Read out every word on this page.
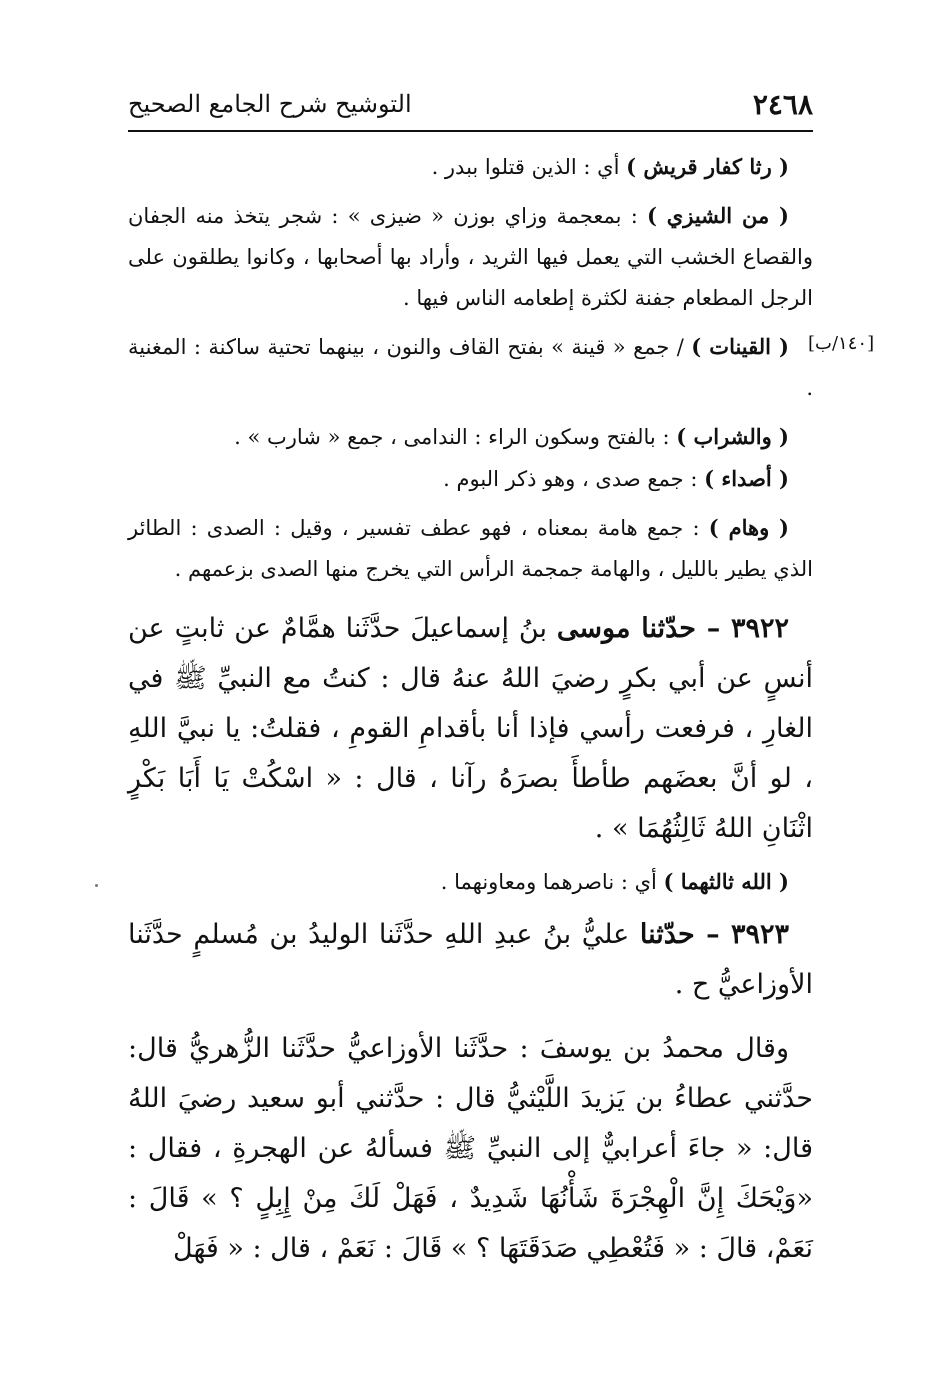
٢٤٦٨
التوشيح شرح الجامع الصحيح
[١٤٠/ب]

( رثا كفار قريش ) أي : الذين قتلوا ببدر .

( من الشيزي ) : بمعجمة وزاي بوزن « ضيزى » : شجر يتخذ منه الجفان والقصاع الخشب التي يعمل فيها الثريد ، وأراد بها أصحابها ، وكانوا يطلقون على الرجل المطعام جفنة لكثرة إطعامه الناس فيها .

( القينات ) / جمع « قينة » بفتح القاف والنون ، بينهما تحتية ساكنة : المغنية .

( والشراب ) : بالفتح وسكون الراء : الندامى ، جمع « شارب » .

( أصداء ) : جمع صدى ، وهو ذكر البوم .

( وهام ) : جمع هامة بمعناه ، فهو عطف تفسير ، وقيل : الصدى : الطائر الذي يطير بالليل ، والهامة جمجمة الرأس التي يخرج منها الصدى بزعمهم .

٣٩٢٢ – حدّثنا موسى بنُ إسماعيلَ حدَّثَنا همَّامٌ عن ثابتٍ عن أنسٍ عن أبي بكرٍ رضيَ اللهُ عنهُ قال : كنتُ مع النبيِّ ﷺ في الغارِ ، فرفعت رأسي فإذا أنا بأقدامِ القومِ ، فقلتُ: يا نبيَّ اللهِ ، لو أنَّ بعضَهم طأطأَ بصرَهُ رآنا ، قال : « اسْكُتْ يَا أَبَا بَكْرٍ اثْنَانِ اللهُ ثَالِثُهُمَا » .

( الله ثالثهما ) أي : ناصرهما ومعاونهما .

٣٩٢٣ – حدّثنا عليُّ بنُ عبدِ اللهِ حدَّثَنا الوليدُ بن مُسلمٍ حدَّثَنا الأوزاعيُّ ح .

وقال محمدُ بن يوسفَ : حدَّثَنا الأوزاعيُّ حدَّثَنا الزُّهريُّ قال: حدَّثني عطاءُ بن يَزيدَ اللَّيْثيُّ قال : حدَّثني أبو سعيد رضيَ اللهُ قال: « جاءَ أعرابيٌّ إلى النبيِّ ﷺ فسألهُ عن الهجرةِ ، فقال : «وَيْحَكَ إِنَّ الْهِجْرَةَ شَأْنُهَا شَدِيدٌ ، فَهَلْ لَكَ مِنْ إِبِلٍ ؟ » قَالَ : نَعَمْ، قالَ : « فَتُعْطِي صَدَقَتَهَا ؟ » قَالَ : نَعَمْ ، قال : « فَهَلْ
